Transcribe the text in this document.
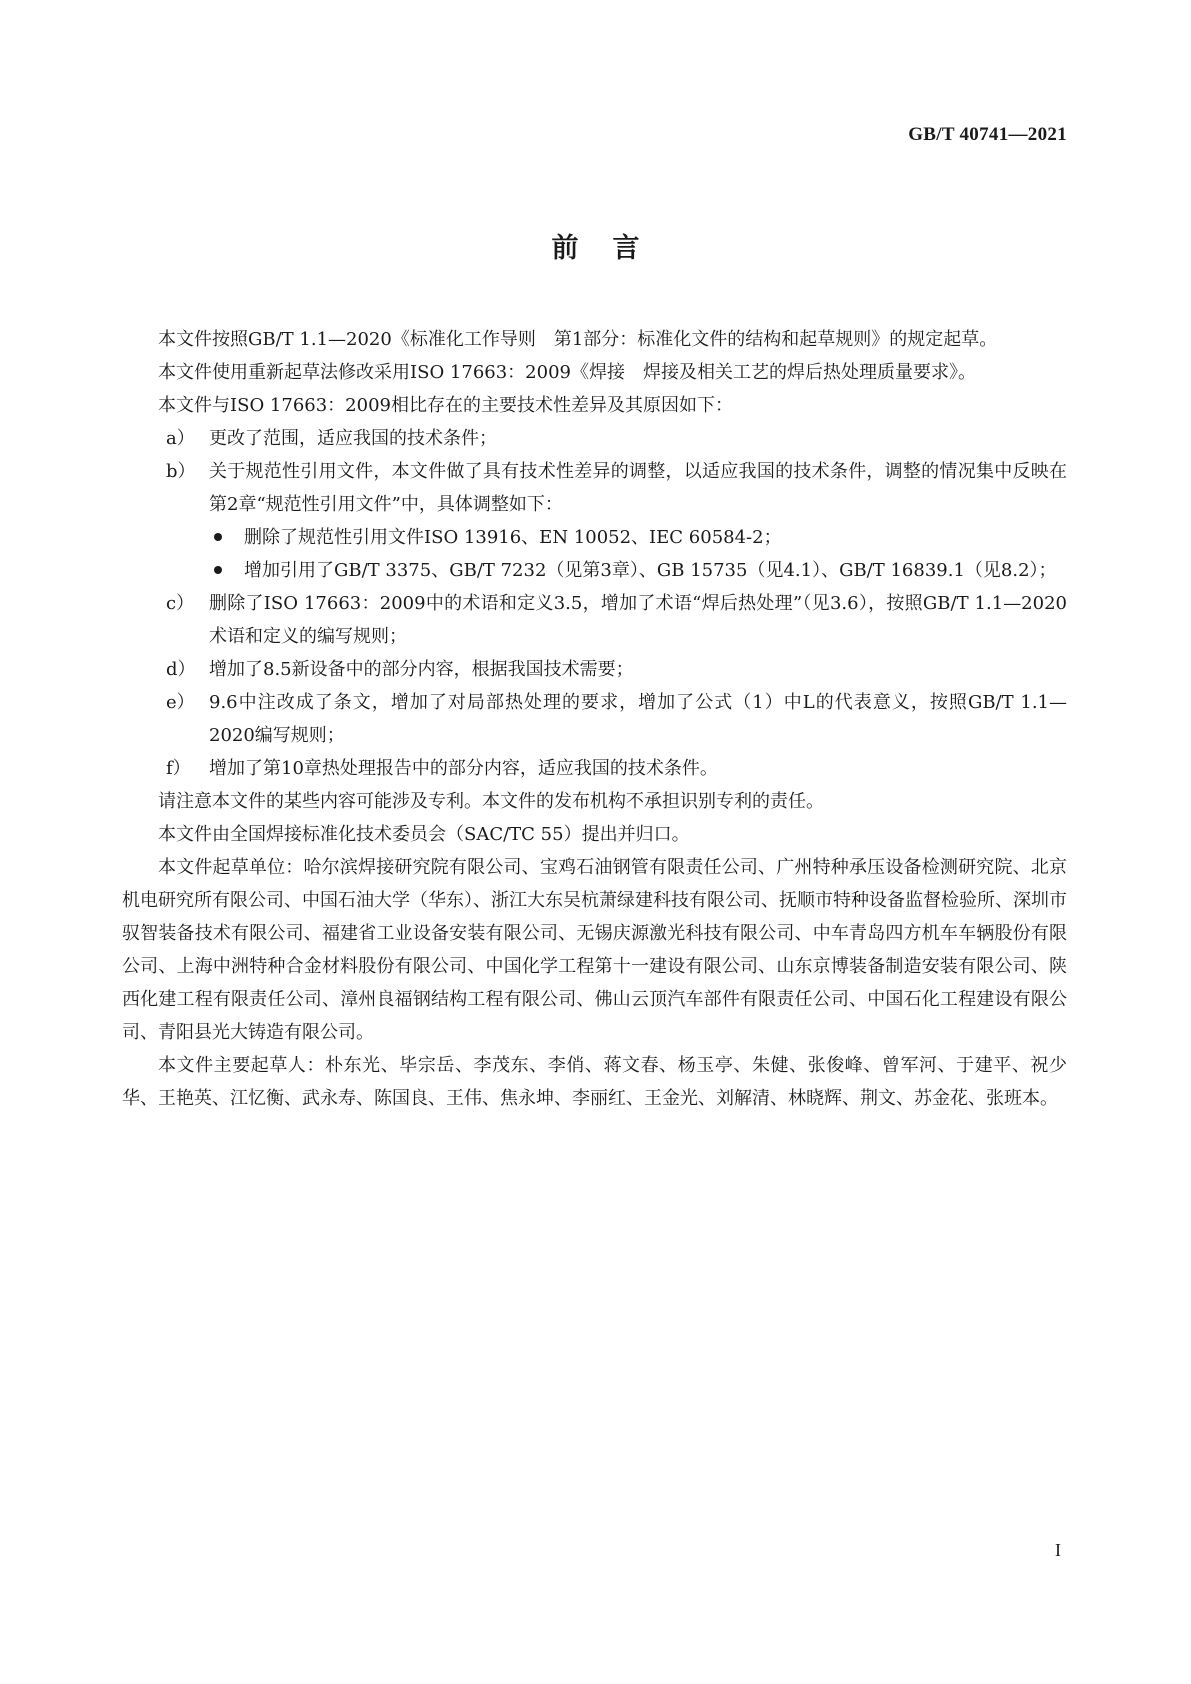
GB/T 40741—2021
前言

本文件按照GB/T 1.1—2020《标准化工作导则　第1部分：标准化文件的结构和起草规则》的规定起草。

本文件使用重新起草法修改采用ISO 17663：2009《焊接　焊接及相关工艺的焊后热处理质量要求》。

本文件与ISO 17663：2009相比存在的主要技术性差异及其原因如下：

a） 更改了范围，适应我国的技术条件；

b） 关于规范性引用文件，本文件做了具有技术性差异的调整，以适应我国的技术条件，调整的情况集中反映在第2章“规范性引用文件”中，具体调整如下：

删除了规范性引用文件ISO 13916、EN 10052、IEC 60584-2；

增加引用了GB/T 3375、GB/T 7232（见第3章）、GB 15735（见4.1）、GB/T 16839.1（见8.2）；

c） 删除了ISO 17663：2009中的术语和定义3.5，增加了术语“焊后热处理”（见3.6），按照GB/T 1.1—2020术语和定义的编写规则；

d） 增加了8.5新设备中的部分内容，根据我国技术需要；

e） 9.6中注改成了条文，增加了对局部热处理的要求，增加了公式（1）中L的代表意义，按照GB/T 1.1—2020编写规则；

f） 增加了第10章热处理报告中的部分内容，适应我国的技术条件。

请注意本文件的某些内容可能涉及专利。本文件的发布机构不承担识别专利的责任。

本文件由全国焊接标准化技术委员会（SAC/TC 55）提出并归口。

本文件起草单位：哈尔滨焊接研究院有限公司、宝鸡石油钢管有限责任公司、广州特种承压设备检测研究院、北京机电研究所有限公司、中国石油大学（华东）、浙江大东吴杭萧绿建科技有限公司、抚顺市特种设备监督检验所、深圳市驭智装备技术有限公司、福建省工业设备安装有限公司、无锡庆源激光科技有限公司、中车青岛四方机车车辆股份有限公司、上海中洲特种合金材料股份有限公司、中国化学工程第十一建设有限公司、山东京博装备制造安装有限公司、陕西化建工程有限责任公司、漳州良福钢结构工程有限公司、佛山云顶汽车部件有限责任公司、中国石化工程建设有限公司、青阳县光大铸造有限公司。

本文件主要起草人：朴东光、毕宗岳、李茂东、李俏、蒋文春、杨玉亭、朱健、张俊峰、曾军河、于建平、祝少华、王艳英、江忆衡、武永寿、陈国良、王伟、焦永坤、李丽红、王金光、刘解清、林晓辉、荆文、苏金花、张班本。

I
